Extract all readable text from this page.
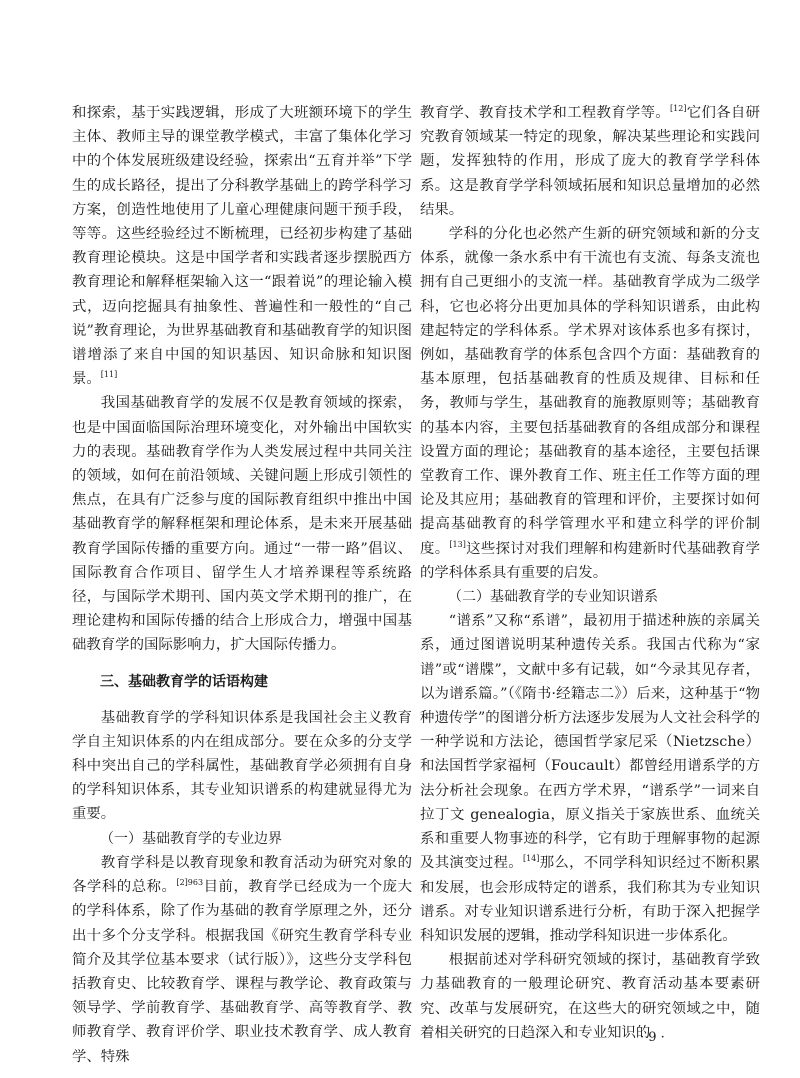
和探索，基于实践逻辑，形成了大班额环境下的学生主体、教师主导的课堂教学模式，丰富了集体化学习中的个体发展班级建设经验，探索出“五育并举”下学生的成长路径，提出了分科教学基础上的跨学科学习方案，创造性地使用了儿童心理健康问题干预手段，等等。这些经验经过不断梳理，已经初步构建了基础教育理论模块。这是中国学者和实践者逐步摆脱西方教育理论和解释框架输入这一“跟着说”的理论输入模式，迈向挖掘具有抽象性、普遍性和一般性的“自己说”教育理论，为世界基础教育和基础教育学的知识图谱增添了来自中国的知识基因、知识命脉和知识图景。[11]

我国基础教育学的发展不仅是教育领域的探索，也是中国面临国际治理环境变化，对外输出中国软实力的表现。基础教育学作为人类发展过程中共同关注的领域，如何在前沿领域、关键问题上形成引领性的焦点，在具有广泛参与度的国际教育组织中推出中国基础教育学的解释框架和理论体系，是未来开展基础教育学国际传播的重要方向。通过“一带一路”倡议、国际教育合作项目、留学生人才培养课程等系统路径，与国际学术期刊、国内英文学术期刊的推广，在理论建构和国际传播的结合上形成合力，增强中国基础教育学的国际影响力，扩大国际传播力。

三、基础教育学的话语构建

基础教育学的学科知识体系是我国社会主义教育学自主知识体系的内在组成部分。要在众多的分支学科中突出自己的学科属性，基础教育学必须拥有自身的学科知识体系，其专业知识谱系的构建就显得尤为重要。

（一）基础教育学的专业边界

教育学科是以教育现象和教育活动为研究对象的各学科的总称。$^{[2]963}$目前，教育学已经成为一个庞大的学科体系，除了作为基础的教育学原理之外，还分出十多个分支学科。根据我国《研究生教育学科专业简介及其学位基本要求（试行版）》，这些分支学科包括教育史、比较教育学、课程与教学论、教育政策与领导学、学前教育学、基础教育学、高等教育学、教师教育学、教育评价学、职业技术教育学、成人教育学、特殊

教育学、教育技术学和工程教育学等。[12]它们各自研究教育领域某一特定的现象，解决某些理论和实践问题，发挥独特的作用，形成了庞大的教育学学科体系。这是教育学学科领域拓展和知识总量增加的必然结果。

学科的分化也必然产生新的研究领域和新的分支体系，就像一条水系中有干流也有支流、每条支流也拥有自己更细小的支流一样。基础教育学成为二级学科，它也必将分出更加具体的学科知识谱系，由此构建起特定的学科体系。学术界对该体系也多有探讨，例如，基础教育学的体系包含四个方面：基础教育的基本原理，包括基础教育的性质及规律、目标和任务，教师与学生，基础教育的施教原则等；基础教育的基本内容，主要包括基础教育的各组成部分和课程设置方面的理论；基础教育的基本途径，主要包括课堂教育工作、课外教育工作、班主任工作等方面的理论及其应用；基础教育的管理和评价，主要探讨如何提高基础教育的科学管理水平和建立科学的评价制度。[13]这些探讨对我们理解和构建新时代基础教育学的学科体系具有重要的启发。

（二）基础教育学的专业知识谱系

“谱系”又称“系谱”，最初用于描述种族的亲属关系，通过图谱说明某种遗传关系。我国古代称为“家谱”或“谱牒”，文献中多有记载，如“今录其见存者，以为谱系篇。”（《隋书·经籍志二》）后来，这种基于“物种遗传学”的图谱分析方法逐步发展为人文社会科学的一种学说和方法论，德国哲学家尼采（Nietzsche）和法国哲学家福柯（Foucault）都曾经用谱系学的方法分析社会现象。在西方学术界，“谱系学”一词来自拉丁文 genealogia，原义指关于家族世系、血统关系和重要人物事迹的科学，它有助于理解事物的起源及其演变过程。[14]那么，不同学科知识经过不断积累和发展，也会形成特定的谱系，我们称其为专业知识谱系。对专业知识谱系进行分析，有助于深入把握学科知识发展的逻辑，推动学科知识进一步体系化。

根据前述对学科研究领域的探讨，基础教育学致力基础教育的一般理论研究、教育活动基本要素研究、改革与发展研究，在这些大的研究领域之中，随着相关研究的日趋深入和专业知识的

· 9 ·
